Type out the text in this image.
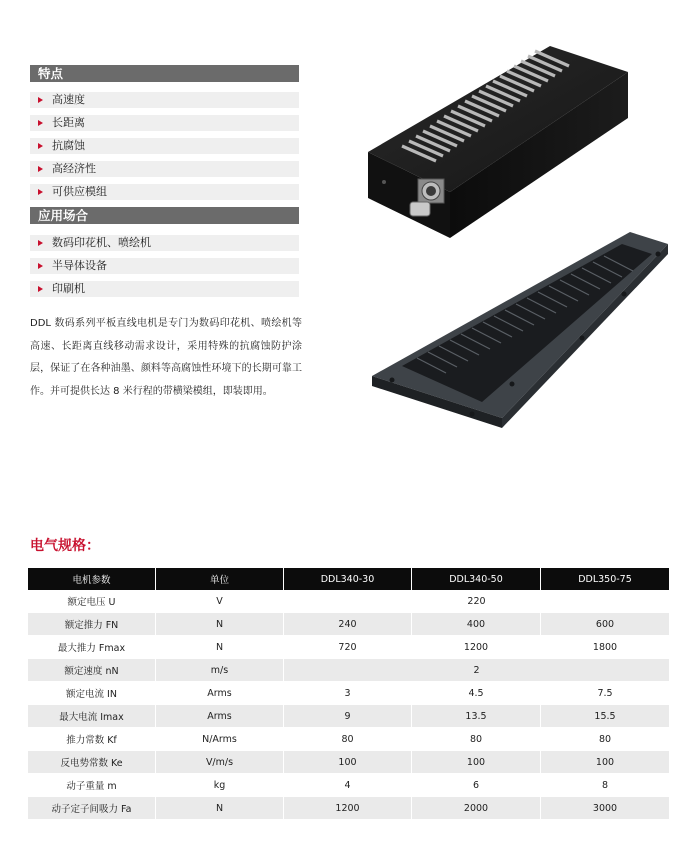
特点
高速度
长距离
抗腐蚀
高经济性
可供应模组
应用场合
数码印花机、喷绘机
半导体设备
印刷机

DDL 数码系列平板直线电机是专门为数码印花机、喷绘机等高速、长距离直线移动需求设计，采用特殊的抗腐蚀防护涂层，保证了在各种油墨、颜料等高腐蚀性环境下的长期可靠工作。并可提供长达 8 米行程的带横梁模组，即装即用。

电气规格：
电机参数	单位	DDL340-30	DDL340-50	DDL350-75
额定电压 U	V	220		
额定推力 FN	N	240	400	600
最大推力 Fmax	N	720	1200	1800
额定速度 nN	m/s	2		
额定电流 IN	Arms	3	4.5	7.5
最大电流 Imax	Arms	9	13.5	15.5
推力常数 Kf	N/Arms	80	80	80
反电势常数 Ke	V/m/s	100	100	100
动子重量 m	kg	4	6	8
动子定子间吸力 Fa	N	1200	2000	3000
